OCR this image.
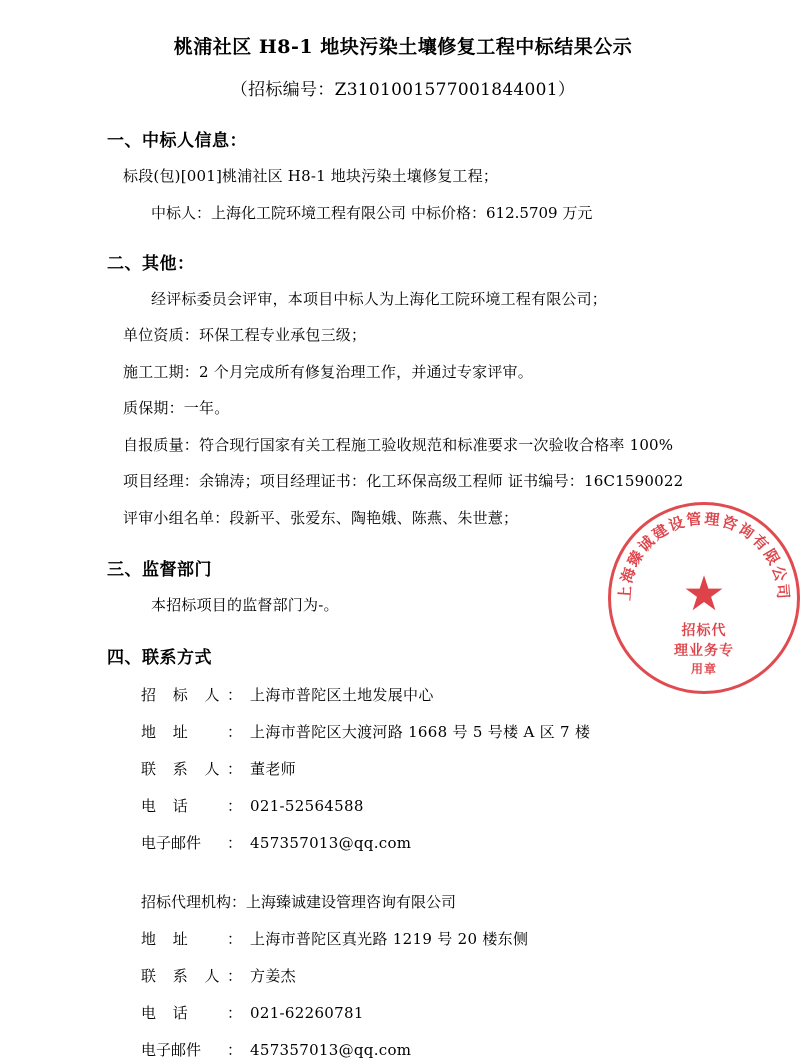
桃浦社区 H8-1 地块污染土壤修复工程中标结果公示
（招标编号：Z3101001577001844001）
一、中标人信息：
标段(包)[001]桃浦社区 H8-1 地块污染土壤修复工程；
中标人：上海化工院环境工程有限公司 中标价格：612.5709 万元
二、其他：
经评标委员会评审，本项目中标人为上海化工院环境工程有限公司；
单位资质：环保工程专业承包三级；
施工工期：2 个月完成所有修复治理工作，并通过专家评审。
质保期：一年。
自报质量：符合现行国家有关工程施工验收规范和标准要求一次验收合格率 100%
项目经理：余锦涛；项目经理证书：化工环保高级工程师 证书编号：16C1590022
评审小组名单：段新平、张爱东、陶艳娥、陈燕、朱世薏；
三、监督部门
本招标项目的监督部门为-。
四、联系方式
招 标 人 ： 上海市普陀区土地发展中心
地 址	： 上海市普陀区大渡河路 1668 号 5 号楼 A 区 7 楼
联 系 人 ： 董老师
电 话	： 021-52564588
电子邮件	： 457357013@qq.com
招标代理机构：上海臻诚建设管理咨询有限公司
地 址	： 上海市普陀区真光路 1219 号 20 楼东侧
联 系 人 ： 方姜杰
电 话	： 021-62260781
电子邮件	： 457357013@qq.com
上海臻诚建设管理咨询有限公司
★
招标代
理业务专
用章
